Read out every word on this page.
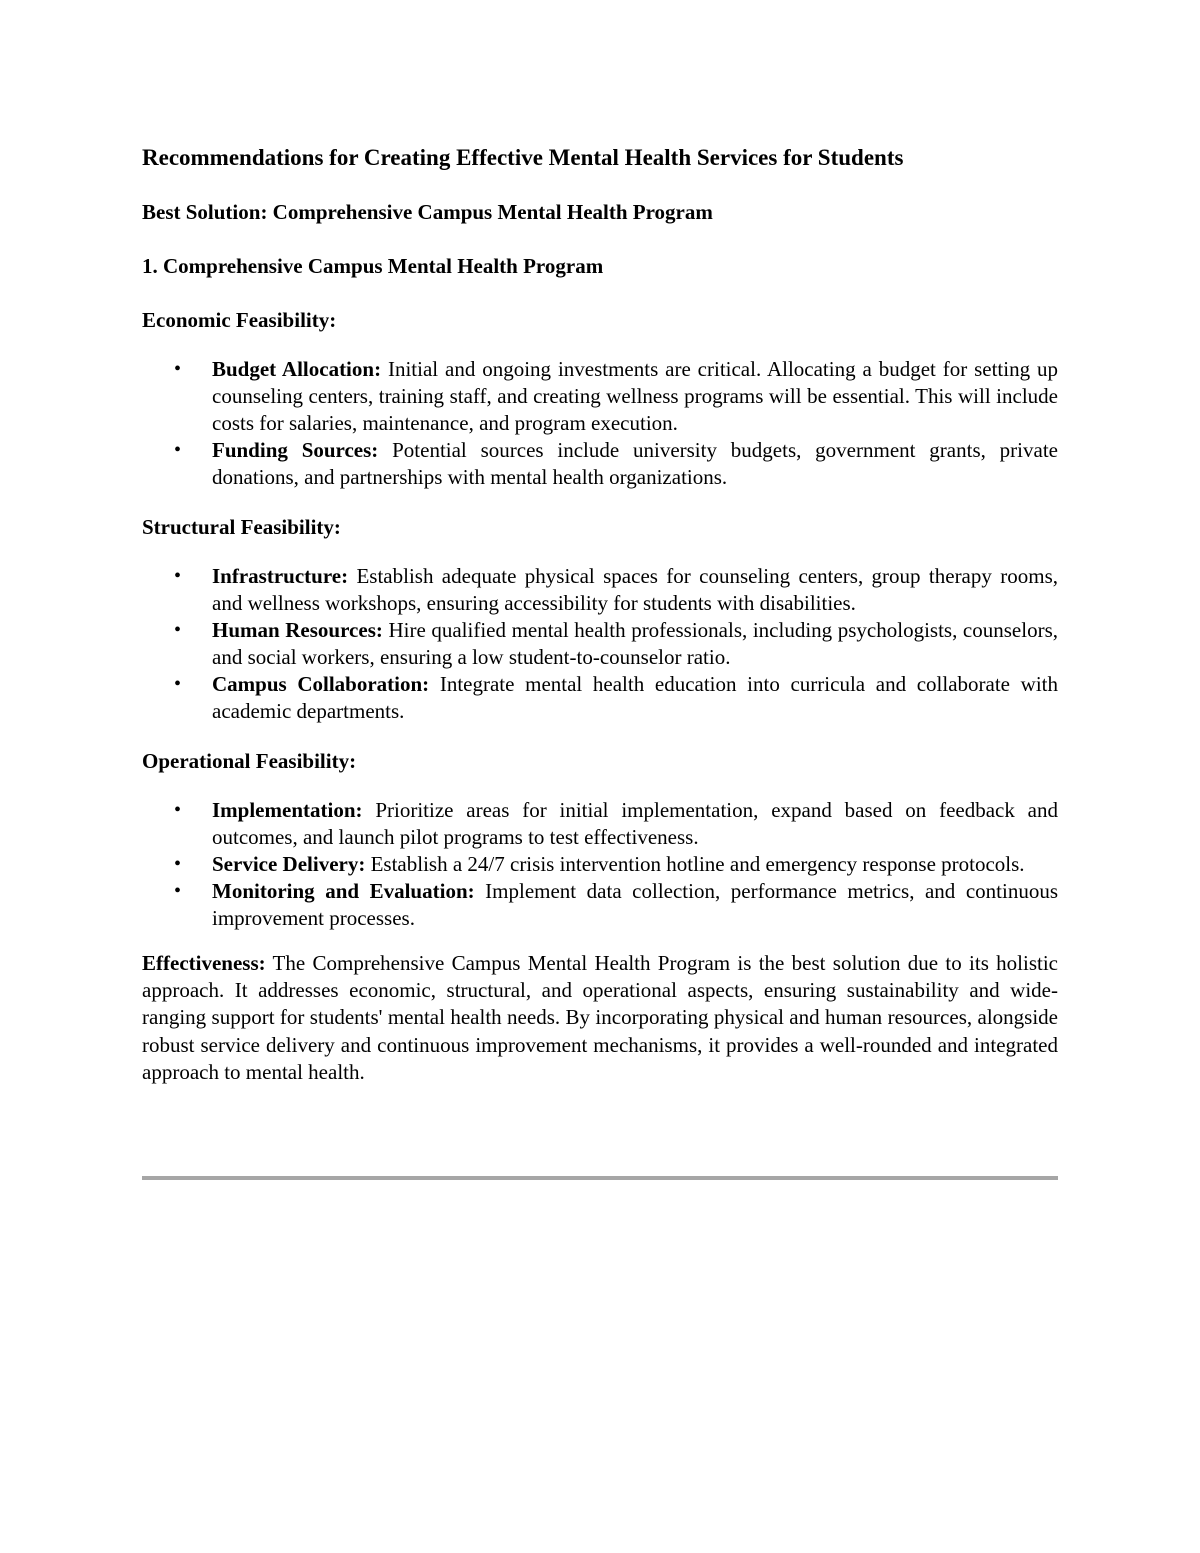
Recommendations for Creating Effective Mental Health Services for Students
Best Solution: Comprehensive Campus Mental Health Program
1. Comprehensive Campus Mental Health Program
Economic Feasibility:
• Budget Allocation: Initial and ongoing investments are critical. Allocating a budget for setting up counseling centers, training staff, and creating wellness programs will be essential. This will include costs for salaries, maintenance, and program execution.
• Funding Sources: Potential sources include university budgets, government grants, private donations, and partnerships with mental health organizations.
Structural Feasibility:
• Infrastructure: Establish adequate physical spaces for counseling centers, group therapy rooms, and wellness workshops, ensuring accessibility for students with disabilities.
• Human Resources: Hire qualified mental health professionals, including psychologists, counselors, and social workers, ensuring a low student-to-counselor ratio.
• Campus Collaboration: Integrate mental health education into curricula and collaborate with academic departments.
Operational Feasibility:
• Implementation: Prioritize areas for initial implementation, expand based on feedback and outcomes, and launch pilot programs to test effectiveness.
• Service Delivery: Establish a 24/7 crisis intervention hotline and emergency response protocols.
• Monitoring and Evaluation: Implement data collection, performance metrics, and continuous improvement processes.

Effectiveness: The Comprehensive Campus Mental Health Program is the best solution due to its holistic approach. It addresses economic, structural, and operational aspects, ensuring sustainability and wide-ranging support for students' mental health needs. By incorporating physical and human resources, alongside robust service delivery and continuous improvement mechanisms, it provides a well-rounded and integrated approach to mental health.
